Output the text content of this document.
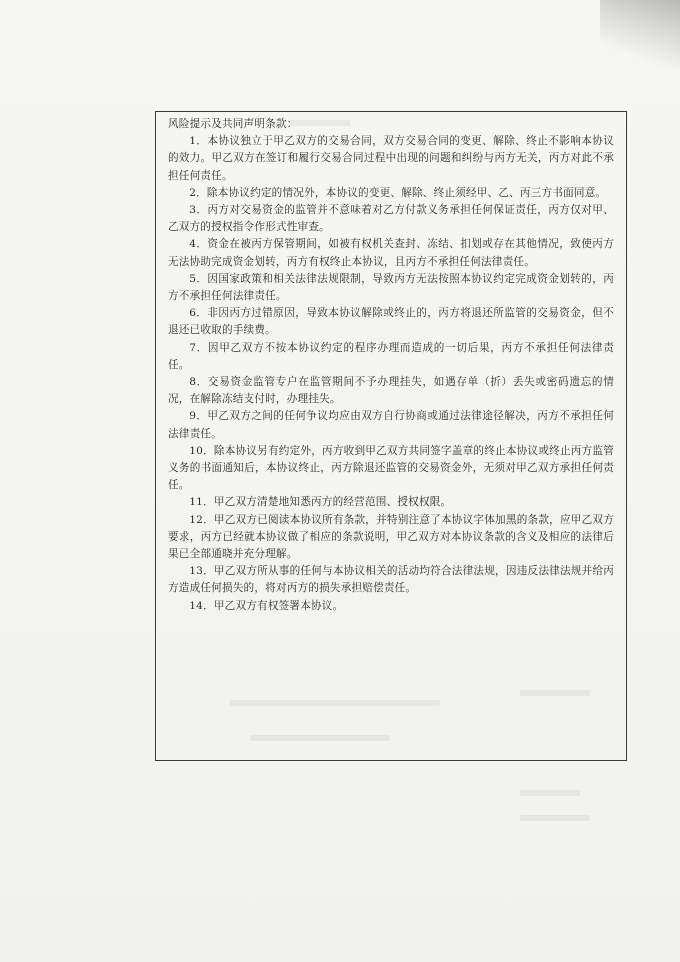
风险提示及共同声明条款：

1．本协议独立于甲乙双方的交易合同，双方交易合同的变更、解除、终止不影响本协议的效力。甲乙双方在签订和履行交易合同过程中出现的问题和纠纷与丙方无关，丙方对此不承担任何责任。

2．除本协议约定的情况外，本协议的变更、解除、终止须经甲、乙、丙三方书面同意。

3．丙方对交易资金的监管并不意味着对乙方付款义务承担任何保证责任，丙方仅对甲、乙双方的授权指令作形式性审查。

4．资金在被丙方保管期间，如被有权机关查封、冻结、扣划或存在其他情况，致使丙方无法协助完成资金划转，丙方有权终止本协议，且丙方不承担任何法律责任。

5．因国家政策和相关法律法规限制，导致丙方无法按照本协议约定完成资金划转的，丙方不承担任何法律责任。

6．非因丙方过错原因，导致本协议解除或终止的，丙方将退还所监管的交易资金，但不退还已收取的手续费。

7．因甲乙双方不按本协议约定的程序办理而造成的一切后果，丙方不承担任何法律责任。

8．交易资金监管专户在监管期间不予办理挂失，如遇存单（折）丢失或密码遗忘的情况，在解除冻结支付时，办理挂失。

9．甲乙双方之间的任何争议均应由双方自行协商或通过法律途径解决，丙方不承担任何法律责任。

10．除本协议另有约定外，丙方收到甲乙双方共同签字盖章的终止本协议或终止丙方监管义务的书面通知后，本协议终止，丙方除退还监管的交易资金外，无须对甲乙双方承担任何责任。

11．甲乙双方清楚地知悉丙方的经营范围、授权权限。

12．甲乙双方已阅读本协议所有条款，并特别注意了本协议字体加黑的条款，应甲乙双方要求，丙方已经就本协议做了相应的条款说明，甲乙双方对本协议条款的含义及相应的法律后果已全部通晓并充分理解。

13．甲乙双方所从事的任何与本协议相关的活动均符合法律法规，因违反法律法规并给丙方造成任何损失的，将对丙方的损失承担赔偿责任。

14．甲乙双方有权签署本协议。
